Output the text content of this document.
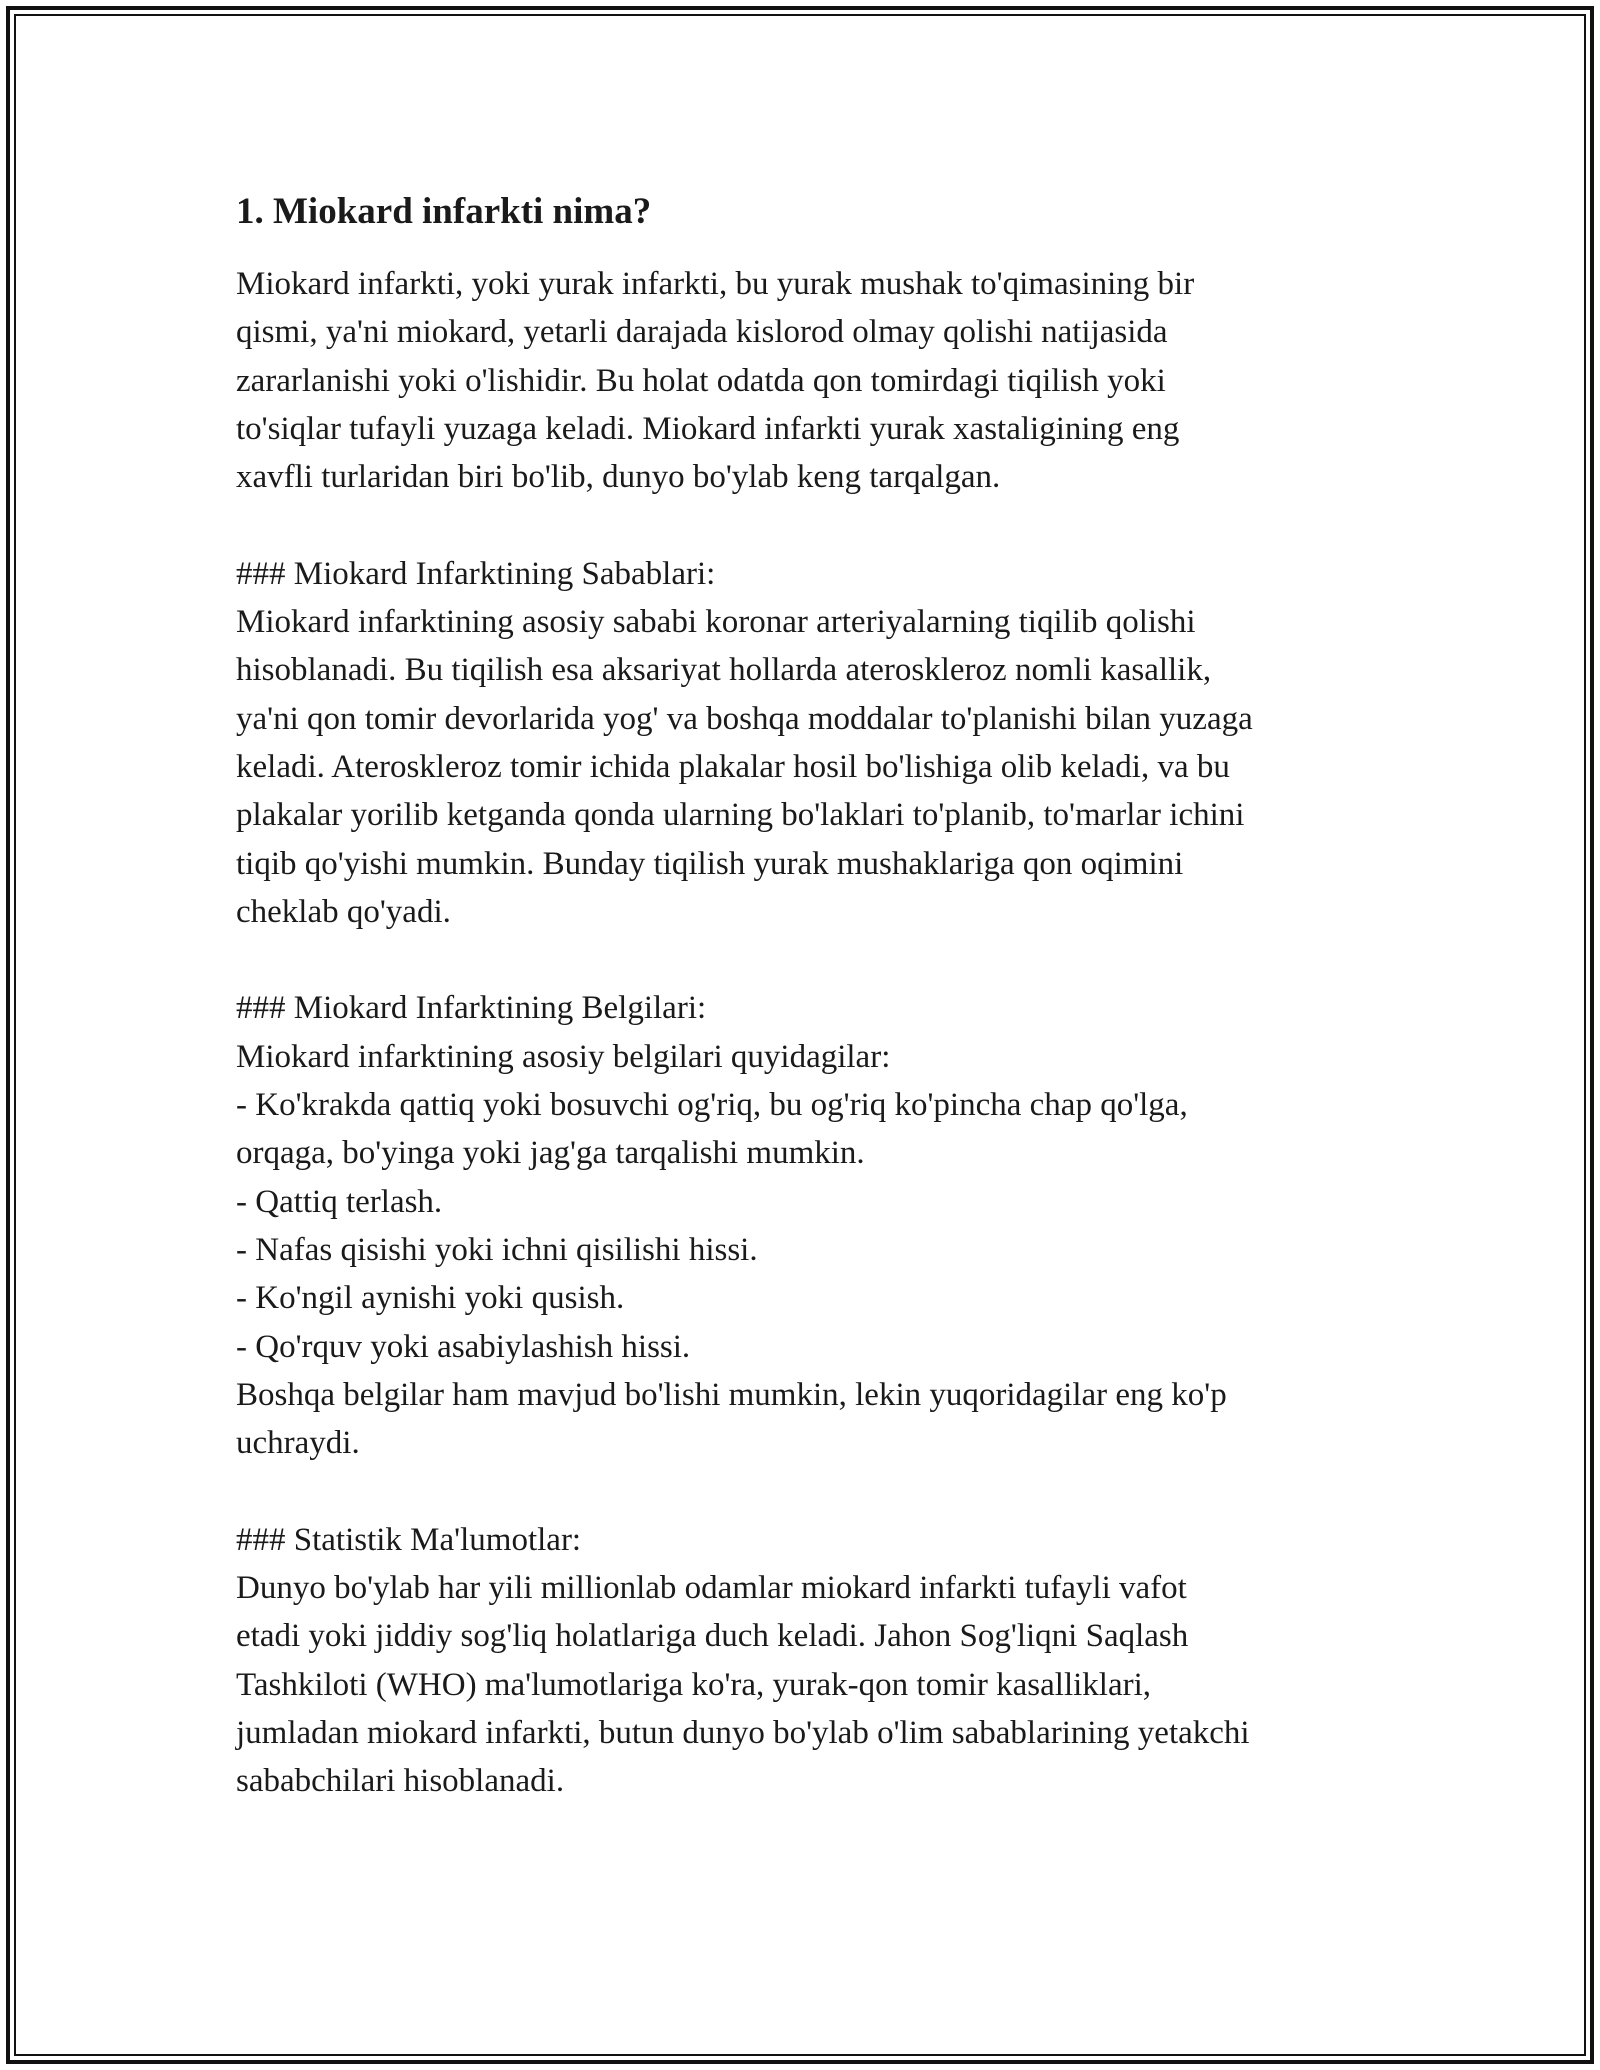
1. Miokard infarkti nima?

Miokard infarkti, yoki yurak infarkti, bu yurak mushak to'qimasining bir
qismi, ya'ni miokard, yetarli darajada kislorod olmay qolishi natijasida
zararlanishi yoki o'lishidir. Bu holat odatda qon tomirdagi tiqilish yoki
to'siqlar tufayli yuzaga keladi. Miokard infarkti yurak xastaligining eng
xavfli turlaridan biri bo'lib, dunyo bo'ylab keng tarqalgan.

### Miokard Infarktining Sabablari:
Miokard infarktining asosiy sababi koronar arteriyalarning tiqilib qolishi
hisoblanadi. Bu tiqilish esa aksariyat hollarda ateroskleroz nomli kasallik,
ya'ni qon tomir devorlarida yog' va boshqa moddalar to'planishi bilan yuzaga
keladi. Ateroskleroz tomir ichida plakalar hosil bo'lishiga olib keladi, va bu
plakalar yorilib ketganda qonda ularning bo'laklari to'planib, to'marlar ichini
tiqib qo'yishi mumkin. Bunday tiqilish yurak mushaklariga qon oqimini
cheklab qo'yadi.

### Miokard Infarktining Belgilari:
Miokard infarktining asosiy belgilari quyidagilar:
- Ko'krakda qattiq yoki bosuvchi og'riq, bu og'riq ko'pincha chap qo'lga,
orqaga, bo'yinga yoki jag'ga tarqalishi mumkin.
- Qattiq terlash.
- Nafas qisishi yoki ichni qisilishi hissi.
- Ko'ngil aynishi yoki qusish.
- Qo'rquv yoki asabiylashish hissi.
Boshqa belgilar ham mavjud bo'lishi mumkin, lekin yuqoridagilar eng ko'p
uchraydi.

### Statistik Ma'lumotlar:
Dunyo bo'ylab har yili millionlab odamlar miokard infarkti tufayli vafot
etadi yoki jiddiy sog'liq holatlariga duch keladi. Jahon Sog'liqni Saqlash
Tashkiloti (WHO) ma'lumotlariga ko'ra, yurak-qon tomir kasalliklari,
jumladan miokard infarkti, butun dunyo bo'ylab o'lim sabablarining yetakchi
sababchilari hisoblanadi.
